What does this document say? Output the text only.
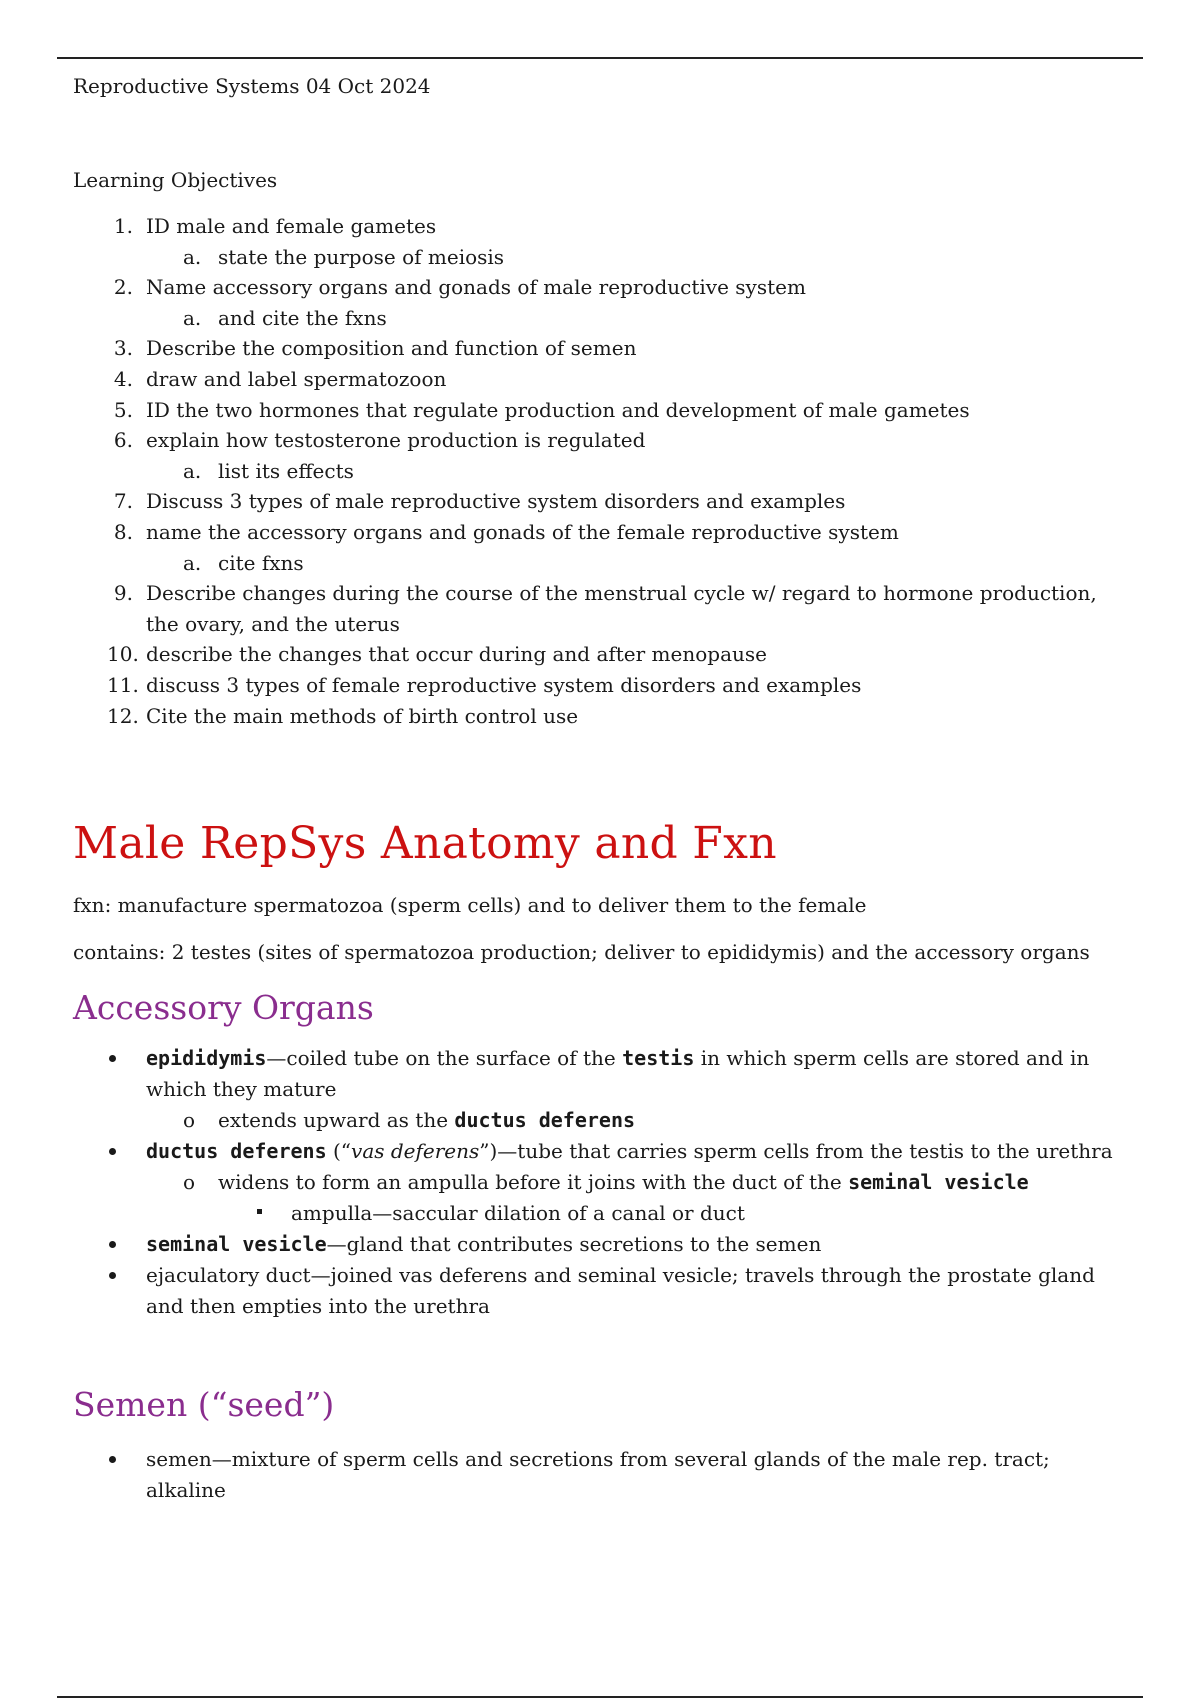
Reproductive Systems 04 Oct 2024
Learning Objectives
1. ID male and female gametes
a. state the purpose of meiosis
2. Name accessory organs and gonads of male reproductive system
a. and cite the fxns
3. Describe the composition and function of semen
4. draw and label spermatozoon
5. ID the two hormones that regulate production and development of male gametes
6. explain how testosterone production is regulated
a. list its effects
7. Discuss 3 types of male reproductive system disorders and examples
8. name the accessory organs and gonads of the female reproductive system
a. cite fxns
9. Describe changes during the course of the menstrual cycle w/ regard to hormone production,
the ovary, and the uterus
10. describe the changes that occur during and after menopause
11. discuss 3 types of female reproductive system disorders and examples
12. Cite the main methods of birth control use
Male RepSys Anatomy and Fxn
fxn: manufacture spermatozoa (sperm cells) and to deliver them to the female
contains: 2 testes (sites of spermatozoa production; deliver to epididymis) and the accessory organs
Accessory Organs
epididymis—coiled tube on the surface of the testis in which sperm cells are stored and in
which they mature
o extends upward as the ductus deferens
ductus deferens (“vas deferens”)—tube that carries sperm cells from the testis to the urethra
o widens to form an ampulla before it joins with the duct of the seminal vesicle
ampulla—saccular dilation of a canal or duct
seminal vesicle—gland that contributes secretions to the semen
ejaculatory duct—joined vas deferens and seminal vesicle; travels through the prostate gland
and then empties into the urethra
Semen (“seed”)
semen—mixture of sperm cells and secretions from several glands of the male rep. tract;
alkaline
